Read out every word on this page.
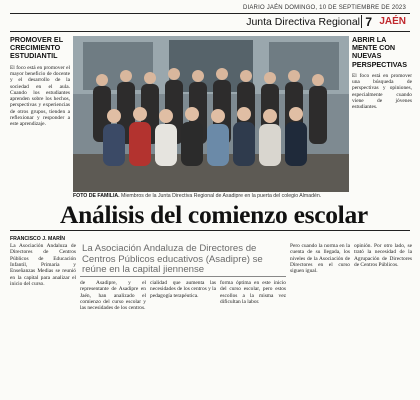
DIARIO JAÉN DOMINGO, 10 DE SEPTIEMBRE DE 2023
Junta Directiva Regional 7 JAÉN
PROMOVER EL CRECIMIENTO ESTUDIANTIL
El foco está en promover el mayor beneficio de docente y el desarrollo de la sociedad en el aula. Cuando los estudiantes aprenden sobre los hechos, perspectivas y experiencias de otros grupos, tienden a reflexionar y responder a este aprendizaje.
FOTO DE FAMILIA. Miembros de la Junta Directiva Regional de Asadipre en la puerta del colegio Almadén.
ABRIR LA MENTE CON NUEVAS PERSPECTIVAS
El foco está en promover una búsqueda de perspectivas y opiniones, especialmente cuando viene de jóvenes estudiantes.
Análisis del comienzo escolar
FRANCISCO J. MARÍN
La Asociación Andaluza de Directores de Centros Públicos de Educación Infantil, Primaria y Enseñanzas Medias se reunió en la capital para analizar el inicio del curso.
La Asociación Andaluza de Directores de Centros Públicos educativos (Asadipre) se reúne en la capital jiennense
de Asadipre, y el representante de Asadipre en Jaén, han analizado el comienzo del curso escolar y las necesidades de los centros.
cialidad que aumenta las necesidades de los centros y la pedagogía terapéutica.
forma óptima en este inicio del curso escolar, pero estos escollos a la misma vez dificultan la labor.
Pero cuando la norma en la cuenta de su llegada, los niveles de la Asociación de Directores en el curso siguen igual.
opinión. Por otro lado, se trató la necesidad de la Agrupación de Directores de Centros Públicos.
